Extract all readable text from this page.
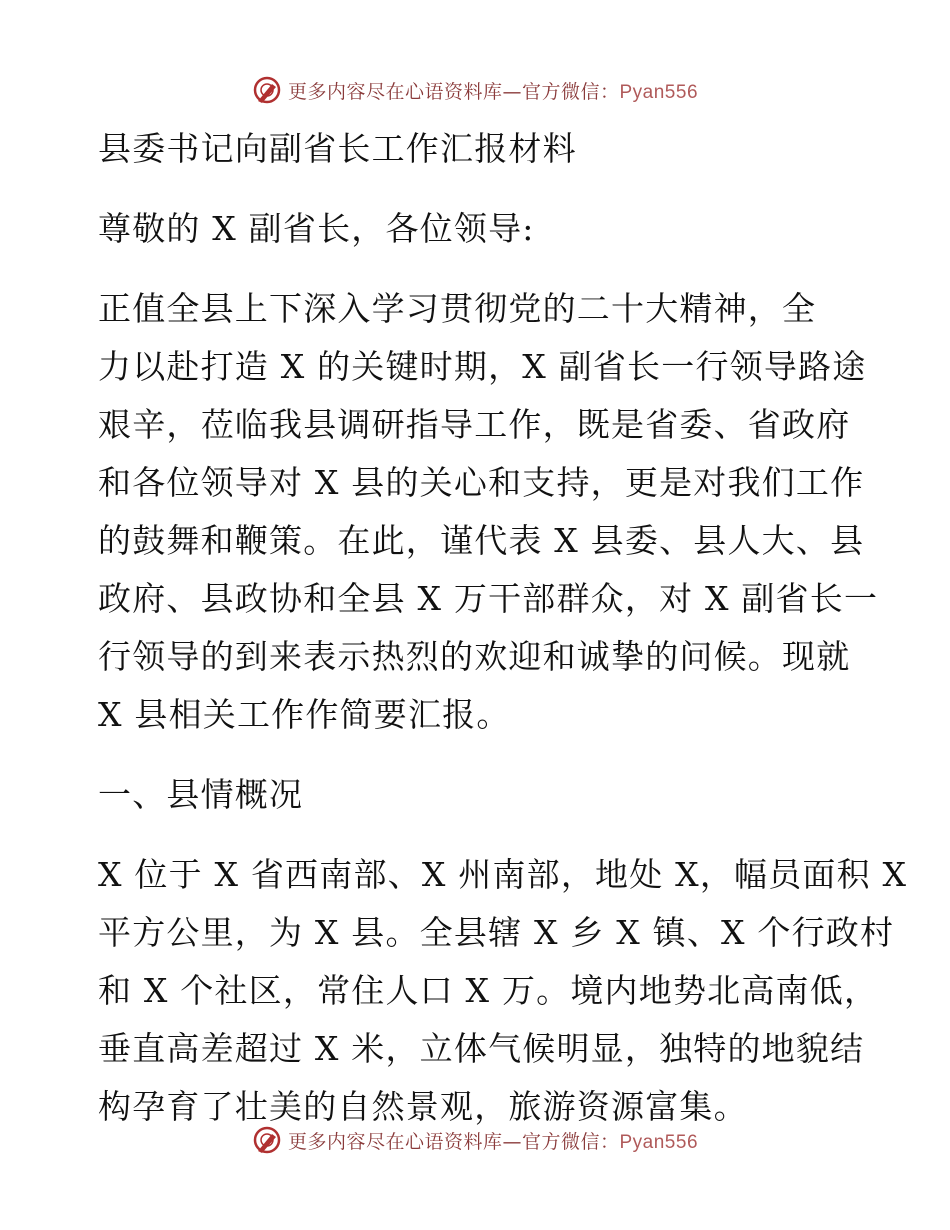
更多内容尽在心语资料库—官方微信：Pyan556
县委书记向副省长工作汇报材料
尊敬的 X 副省长，各位领导:
正值全县上下深入学习贯彻党的二十大精神，全
力以赴打造 X 的关键时期，X 副省长一行领导路途
艰辛，莅临我县调研指导工作，既是省委、省政府
和各位领导对 X 县的关心和支持，更是对我们工作
的鼓舞和鞭策。在此，谨代表 X 县委、县人大、县
政府、县政协和全县 X 万干部群众，对 X 副省长一
行领导的到来表示热烈的欢迎和诚挚的问候。现就
X 县相关工作作简要汇报。
一、县情概况
X 位于 X 省西南部、X 州南部，地处 X，幅员面积 X
平方公里，为 X 县。全县辖 X 乡 X 镇、X 个行政村
和 X 个社区，常住人口 X 万。境内地势北高南低，
垂直高差超过 X 米，立体气候明显，独特的地貌结
构孕育了壮美的自然景观，旅游资源富集。
更多内容尽在心语资料库—官方微信：Pyan556
